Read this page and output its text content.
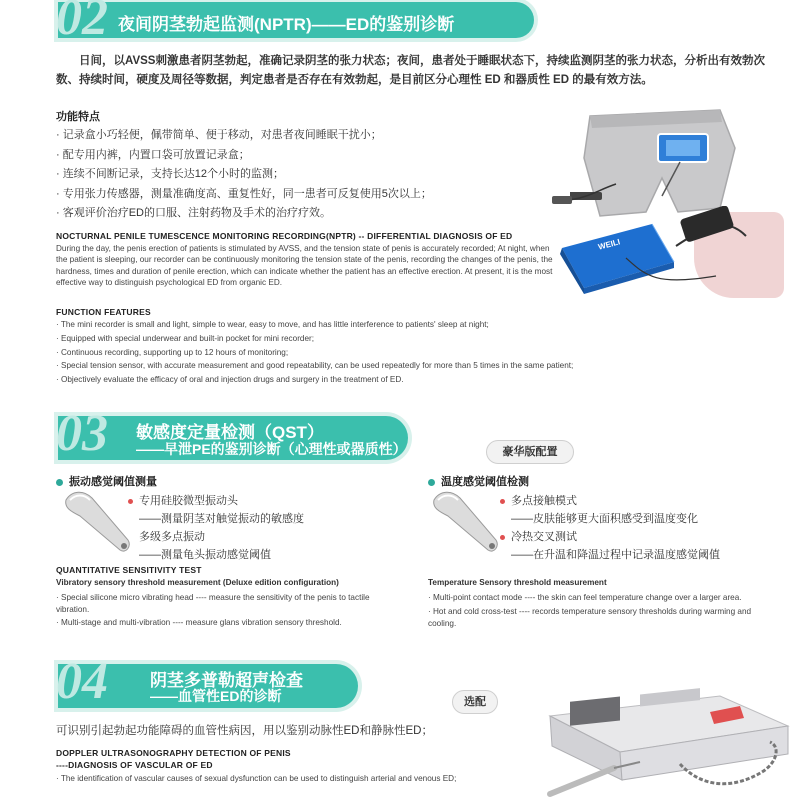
02 夜间阴茎勃起监测(NPTR)——ED的鉴别诊断
日间，以AVSS刺激患者阴茎勃起，准确记录阴茎的张力状态；夜间，患者处于睡眠状态下，持续监测阴茎的张力状态，分析出有效勃次数、持续时间，硬度及周径等数据，判定患者是否存在有效勃起，是目前区分心理性 ED 和器质性 ED 的最有效方法。
功能特点
· 记录盒小巧轻便，佩带简单、便于移动，对患者夜间睡眠干扰小；
· 配专用内裤，内置口袋可放置记录盒；
· 连续不间断记录，支持长达12个小时的监测；
· 专用张力传感器，测量准确度高、重复性好，同一患者可反复使用5次以上；
· 客观评价治疗ED的口服、注射药物及手术的治疗疗效。
WEILI
NOCTURNAL PENILE TUMESCENCE MONITORING RECORDING(NPTR) -- DIFFERENTIAL DIAGNOSIS OF ED
During the day, the penis erection of patients is stimulated by AVSS, and the tension state of penis is accurately recorded; At night, when the patient is sleeping, our recorder can be continuously monitoring the tension state of the penis, recording the changes of the penis, the hardness, times and duration of penile erection, which can indicate whether the patient has an effective erection. At present, it is the most effective way to distinguish psychological ED from organic ED.
FUNCTION FEATURES
· The mini recorder is small and light, simple to wear, easy to move, and has little interference to patients' sleep at night;
· Equipped with special underwear and built-in pocket for mini recorder;
· Continuous recording, supporting up to 12 hours of monitoring;
· Special tension sensor, with accurate measurement and good repeatability, can be used repeatedly for more than 5 times in the same patient;
· Objectively evaluate the efficacy of oral and injection drugs and surgery in the treatment of ED.
03 敏感度定量检测（QST）
——早泄PE的鉴别诊断（心理性或器质性）	豪华版配置
振动感觉阈值测量	温度感觉阈值检测
专用硅胶微型振动头
——测量阴茎对触觉振动的敏感度
多级多点振动
——测量龟头振动感觉阈值
多点接触模式
——皮肤能够更大面积感受到温度变化
冷热交叉测试
——在升温和降温过程中记录温度感觉阈值
QUANTITATIVE SENSITIVITY TEST
Vibratory sensory threshold measurement (Deluxe edition configuration)
· Special silicone micro vibrating head ---- measure the sensitivity of the penis to tactile vibration.
· Multi-stage and multi-vibration ---- measure glans vibration sensory threshold.
Temperature Sensory threshold measurement
· Multi-point contact mode ---- the skin can feel temperature change over a larger area.
· Hot and cold cross-test ---- records temperature sensory thresholds during warming and cooling.
04 阴茎多普勒超声检查
——血管性ED的诊断	选配
可识别引起勃起功能障碍的血管性病因，用以鉴别动脉性ED和静脉性ED；
DOPPLER ULTRASONOGRAPHY DETECTION OF PENIS
----DIAGNOSIS OF VASCULAR OF ED
· The identification of vascular causes of sexual dysfunction can be used to distinguish arterial and venous ED;
